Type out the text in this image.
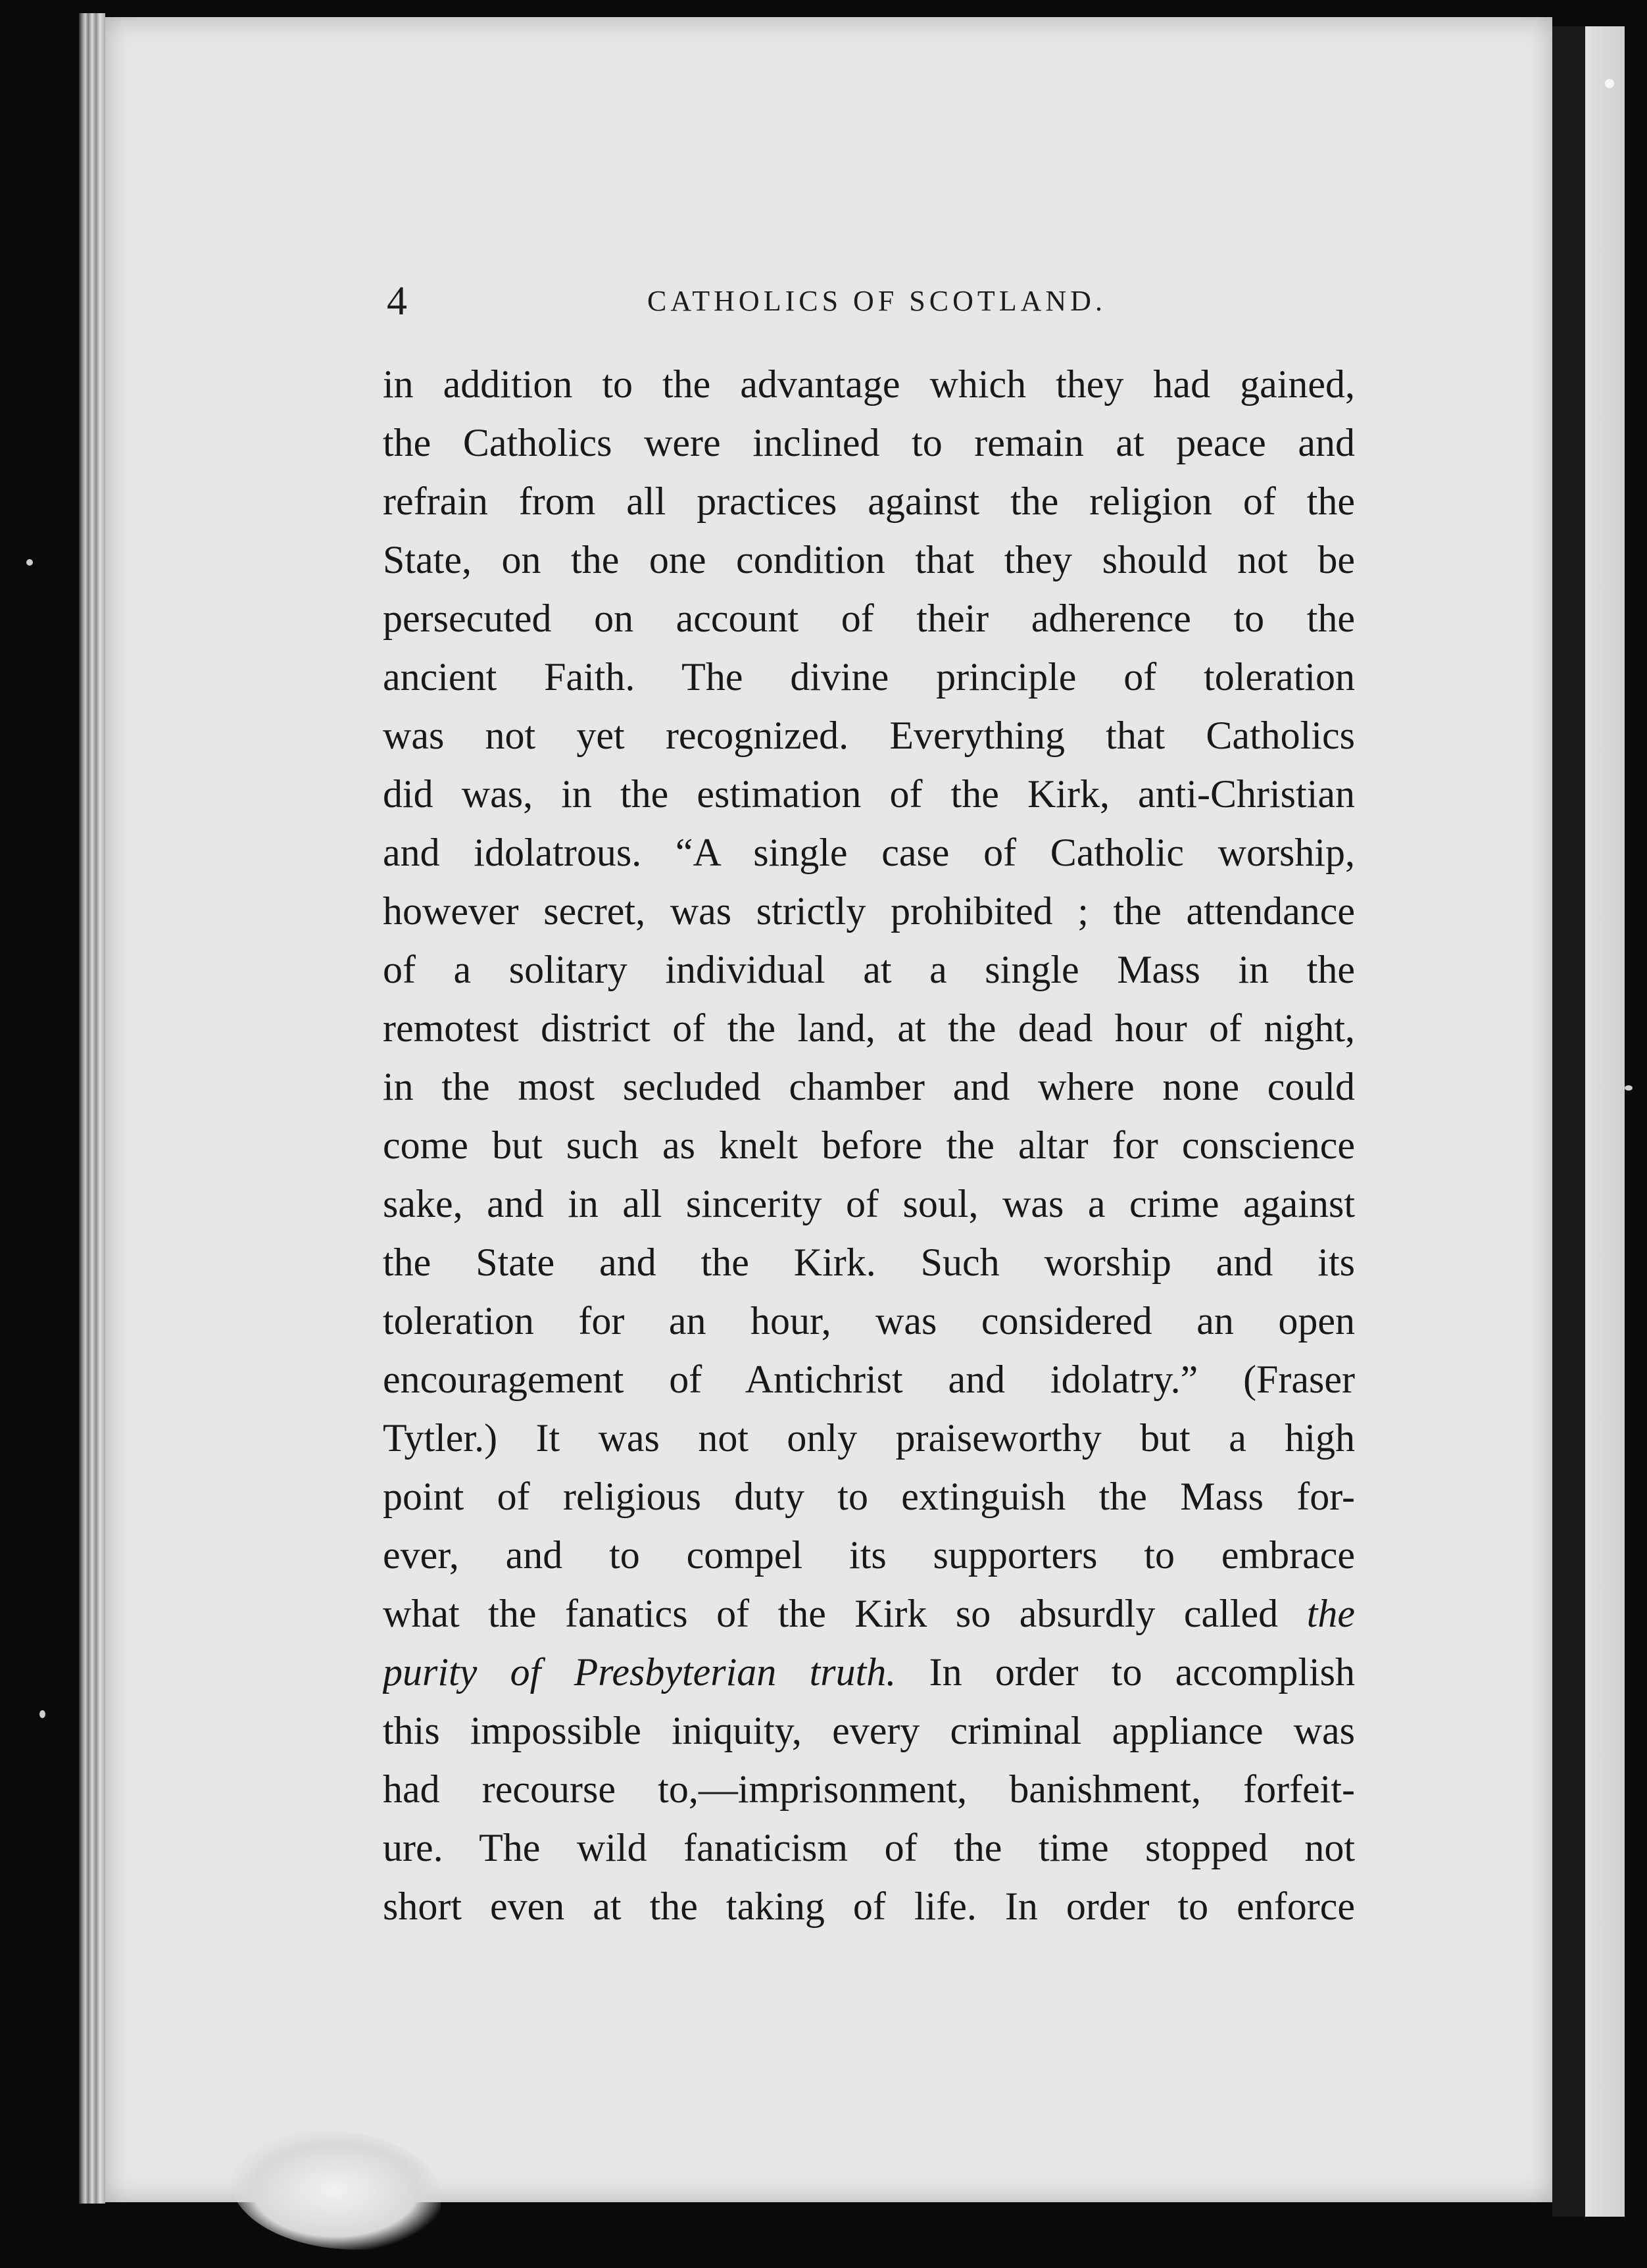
4	CATHOLICS OF SCOTLAND.
in addition to the advantage which they had gained,
the Catholics were inclined to remain at peace and
refrain from all practices against the religion of the
State, on the one condition that they should not be
persecuted on account of their adherence to the
ancient Faith. The divine principle of toleration
was not yet recognized. Everything that Catholics
did was, in the estimation of the Kirk, anti-Christian
and idolatrous. “A single case of Catholic worship,
however secret, was strictly prohibited ; the attendance
of a solitary individual at a single Mass in the
remotest district of the land, at the dead hour of night,
in the most secluded chamber and where none could
come but such as knelt before the altar for conscience
sake, and in all sincerity of soul, was a crime against
the State and the Kirk. Such worship and its
toleration for an hour, was considered an open
encouragement of Antichrist and idolatry.” (Fraser
Tytler.) It was not only praiseworthy but a high
point of religious duty to extinguish the Mass for-
ever, and to compel its supporters to embrace
what the fanatics of the Kirk so absurdly called the
purity of Presbyterian truth. In order to accomplish
this impossible iniquity, every criminal appliance was
had recourse to,—imprisonment, banishment, forfeit-
ure. The wild fanaticism of the time stopped not
short even at the taking of life. In order to enforce
